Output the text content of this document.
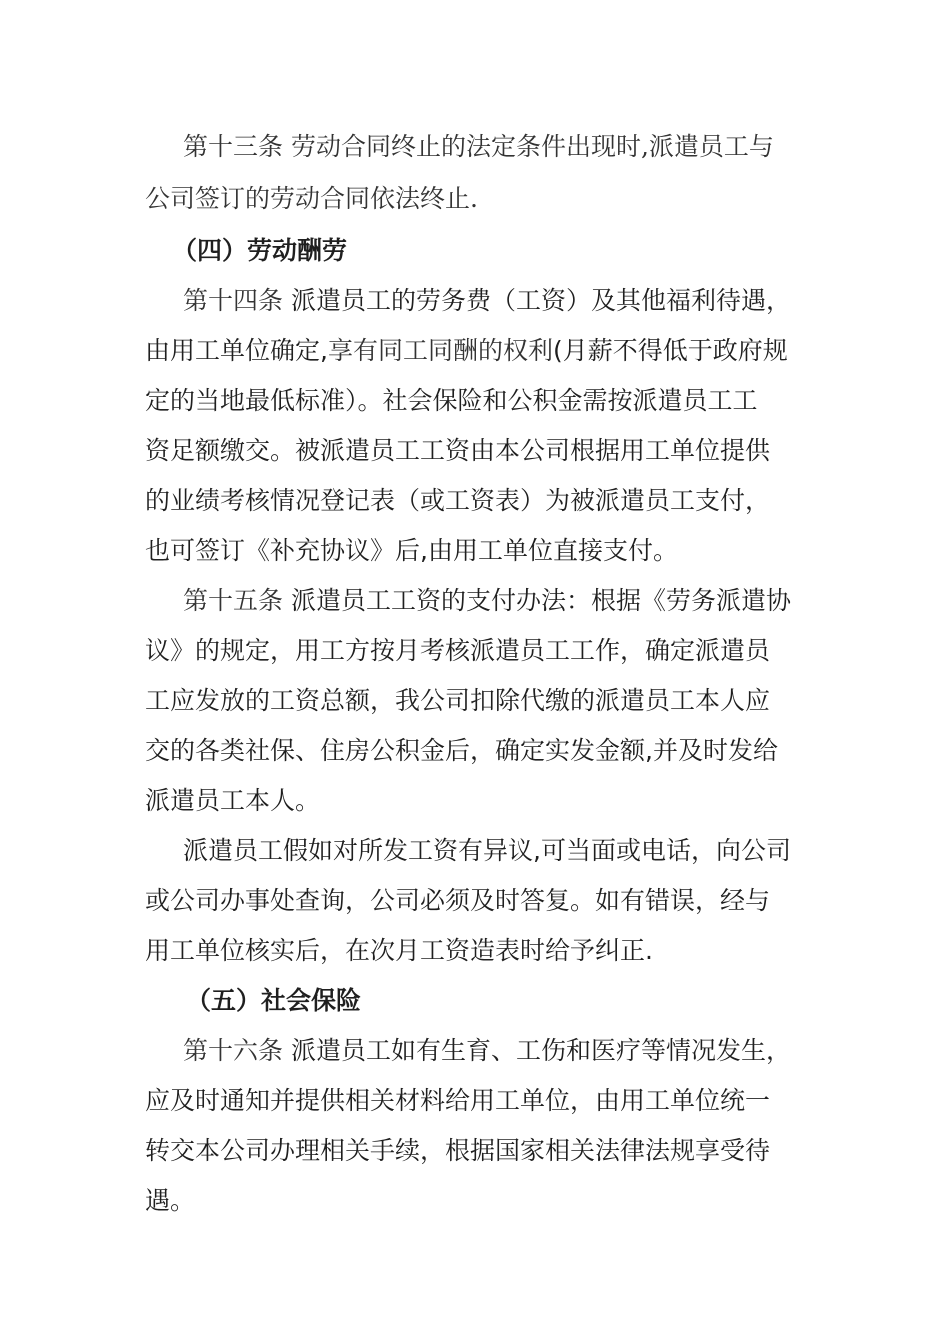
第十三条 劳动合同终止的法定条件出现时,派遣员工与
公司签订的劳动合同依法终止.
（四）劳动酬劳
第十四条 派遣员工的劳务费（工资）及其他福利待遇，
由用工单位确定,享有同工同酬的权利(月薪不得低于政府规
定的当地最低标准）。社会保险和公积金需按派遣员工工
资足额缴交。被派遣员工工资由本公司根据用工单位提供
的业绩考核情况登记表（或工资表）为被派遣员工支付，
也可签订《补充协议》后,由用工单位直接支付。
第十五条 派遣员工工资的支付办法：根据《劳务派遣协
议》的规定，用工方按月考核派遣员工工作，确定派遣员
工应发放的工资总额，我公司扣除代缴的派遣员工本人应
交的各类社保、住房公积金后，确定实发金额,并及时发给
派遣员工本人。
派遣员工假如对所发工资有异议,可当面或电话，向公司
或公司办事处查询，公司必须及时答复。如有错误，经与
用工单位核实后，在次月工资造表时给予纠正.
（五）社会保险
第十六条 派遣员工如有生育、工伤和医疗等情况发生，
应及时通知并提供相关材料给用工单位，由用工单位统一
转交本公司办理相关手续，根据国家相关法律法规享受待
遇。
